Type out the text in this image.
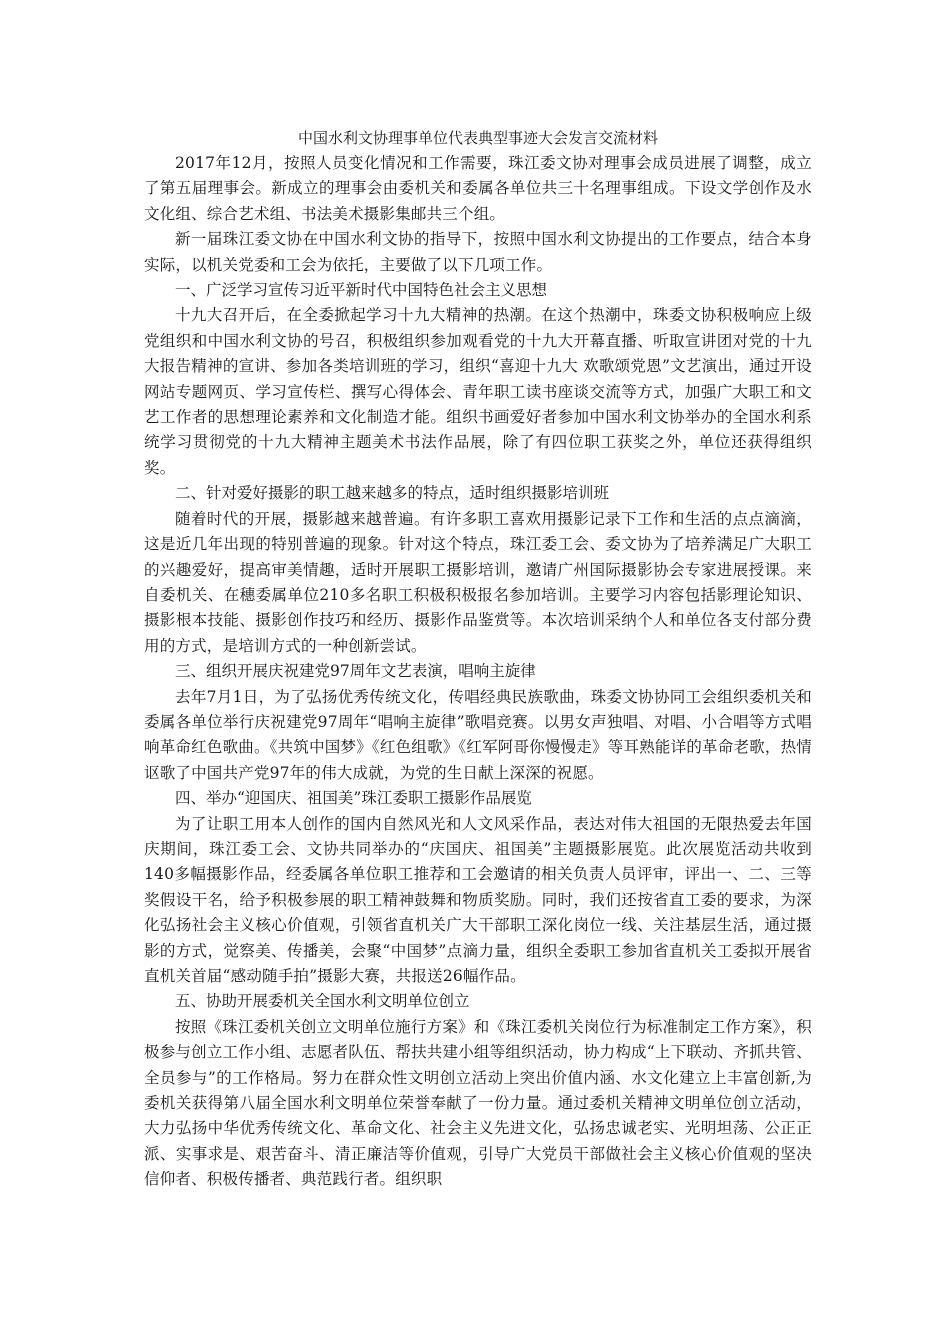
中国水利文协理事单位代表典型事迹大会发言交流材料

2017年12月，按照人员变化情况和工作需要，珠江委文协对理事会成员进展了调整，成立了第五届理事会。新成立的理事会由委机关和委属各单位共三十名理事组成。下设文学创作及水文化组、综合艺术组、书法美术摄影集邮共三个组。

新一届珠江委文协在中国水利文协的指导下，按照中国水利文协提出的工作要点，结合本身实际，以机关党委和工会为依托，主要做了以下几项工作。

一、广泛学习宣传习近平新时代中国特色社会主义思想

十九大召开后，在全委掀起学习十九大精神的热潮。在这个热潮中，珠委文协积极响应上级党组织和中国水利文协的号召，积极组织参加观看党的十九大开幕直播、听取宣讲团对党的十九大报告精神的宣讲、参加各类培训班的学习，组织“喜迎十九大 欢歌颂党恩”文艺演出，通过开设网站专题网页、学习宣传栏、撰写心得体会、青年职工读书座谈交流等方式，加强广大职工和文艺工作者的思想理论素养和文化制造才能。组织书画爱好者参加中国水利文协举办的全国水利系统学习贯彻党的十九大精神主题美术书法作品展，除了有四位职工获奖之外，单位还获得组织奖。

二、针对爱好摄影的职工越来越多的特点，适时组织摄影培训班

随着时代的开展，摄影越来越普遍。有许多职工喜欢用摄影记录下工作和生活的点点滴滴，这是近几年出现的特别普遍的现象。针对这个特点，珠江委工会、委文协为了培养满足广大职工的兴趣爱好，提高审美情趣，适时开展职工摄影培训，邀请广州国际摄影协会专家进展授课。来自委机关、在穗委属单位210多名职工积极积极报名参加培训。主要学习内容包括影理论知识、摄影根本技能、摄影创作技巧和经历、摄影作品鉴赏等。本次培训采纳个人和单位各支付部分费用的方式，是培训方式的一种创新尝试。

三、组织开展庆祝建党97周年文艺表演，唱响主旋律

去年7月1日，为了弘扬优秀传统文化，传唱经典民族歌曲，珠委文协协同工会组织委机关和委属各单位举行庆祝建党97周年“唱响主旋律”歌唱竞赛。以男女声独唱、对唱、小合唱等方式唱响革命红色歌曲。《共筑中国梦》《红色组歌》《红军阿哥你慢慢走》等耳熟能详的革命老歌，热情讴歌了中国共产党97年的伟大成就，为党的生日献上深深的祝愿。

四、举办“迎国庆、祖国美”珠江委职工摄影作品展览

为了让职工用本人创作的国内自然风光和人文风采作品，表达对伟大祖国的无限热爱去年国庆期间，珠江委工会、文协共同举办的“庆国庆、祖国美”主题摄影展览。此次展览活动共收到140多幅摄影作品，经委属各单位职工推荐和工会邀请的相关负责人员评审，评出一、二、三等奖假设干名，给予积极参展的职工精神鼓舞和物质奖励。同时，我们还按省直工委的要求，为深化弘扬社会主义核心价值观，引领省直机关广大干部职工深化岗位一线、关注基层生活，通过摄影的方式，觉察美、传播美，会聚“中国梦”点滴力量，组织全委职工参加省直机关工委拟开展省直机关首届“感动随手拍”摄影大赛，共报送26幅作品。

五、协助开展委机关全国水利文明单位创立

按照《珠江委机关创立文明单位施行方案》和《珠江委机关岗位行为标准制定工作方案》，积极参与创立工作小组、志愿者队伍、帮扶共建小组等组织活动，协力构成“上下联动、齐抓共管、全员参与”的工作格局。努力在群众性文明创立活动上突出价值内涵、水文化建立上丰富创新,为委机关获得第八届全国水利文明单位荣誉奉献了一份力量。通过委机关精神文明单位创立活动，大力弘扬中华优秀传统文化、革命文化、社会主义先进文化，弘扬忠诚老实、光明坦荡、公正正派、实事求是、艰苦奋斗、清正廉洁等价值观，引导广大党员干部做社会主义核心价值观的坚决信仰者、积极传播者、典范践行者。组织职
